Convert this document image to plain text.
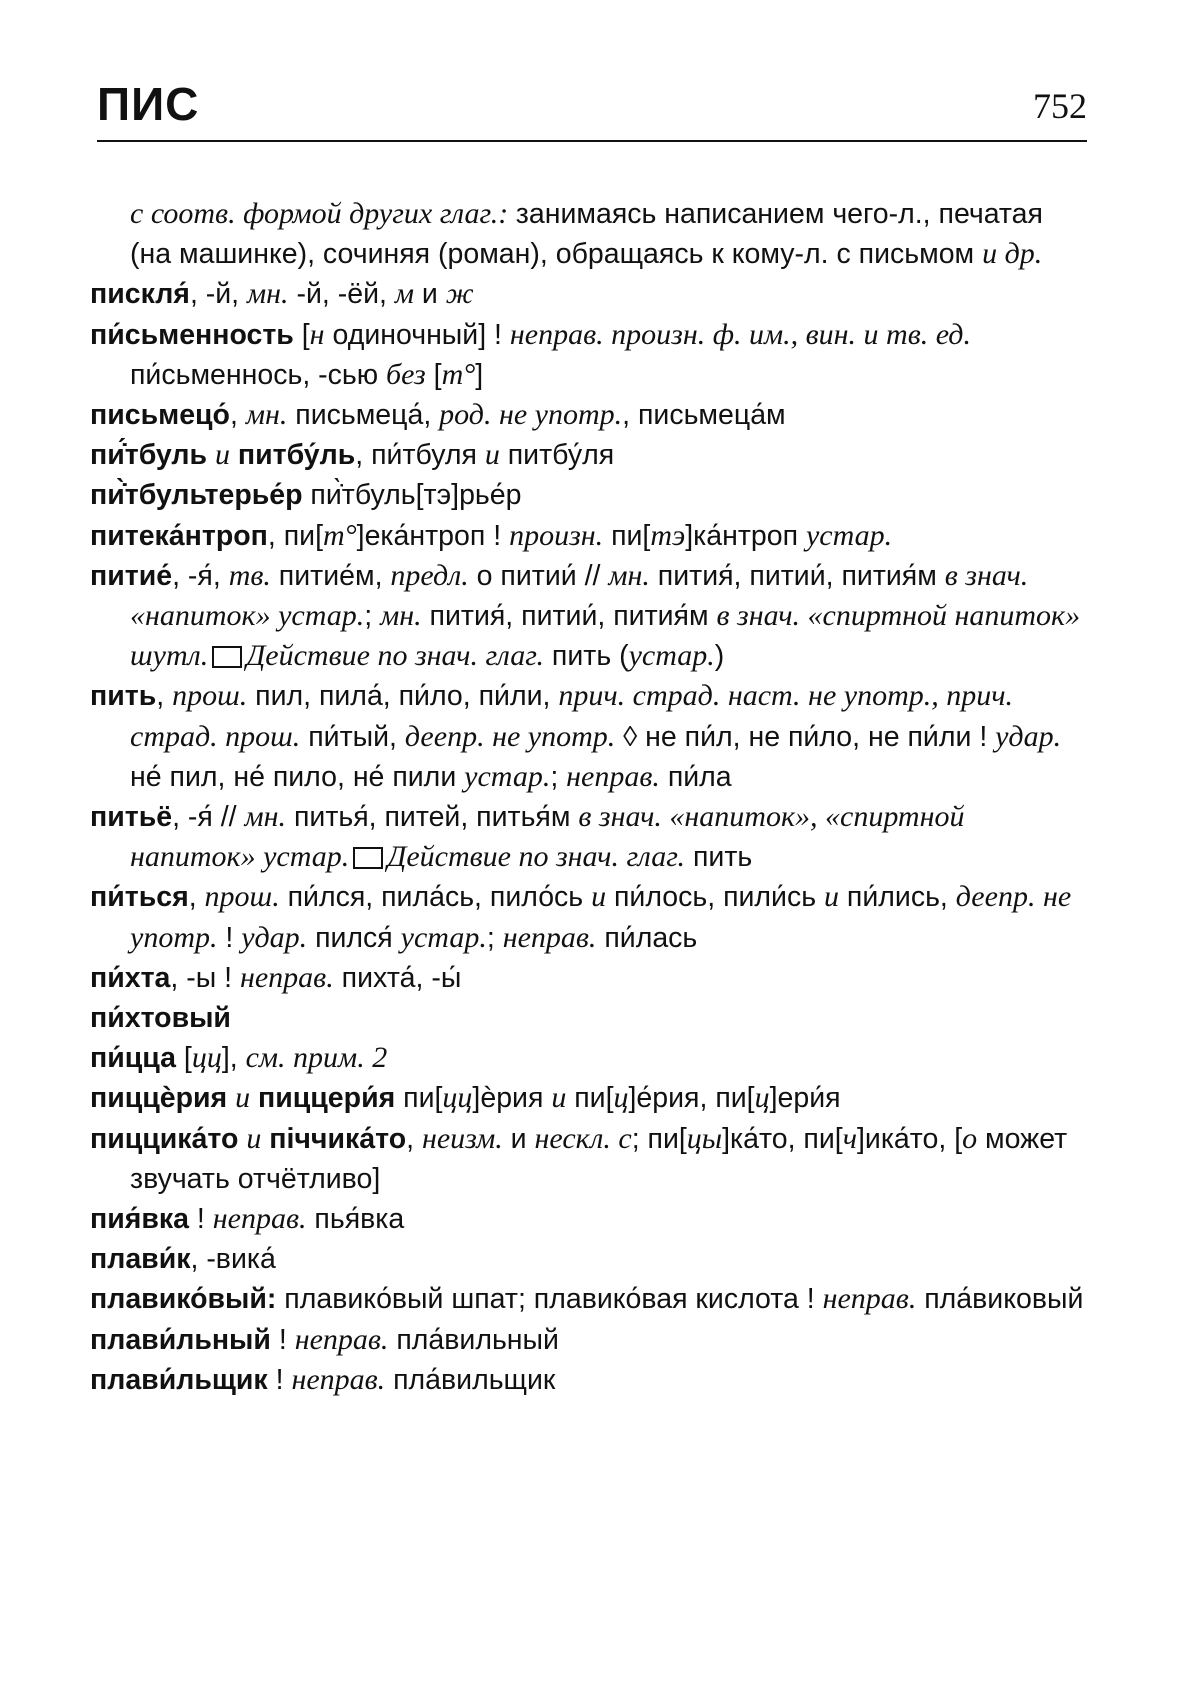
ПИС	752

с соотв. формой других глаг.: занимаясь написанием чего-л., печатая (на машинке), сочиняя (роман), обращаясь к кому-л. с письмом и др.

пискля́, -й, мн. -й, -ёй, м и ж

пи́сьменность [н одиночный] ! неправ. произн. ф. им., вин. и тв. ед. пи́сьменнось, -сью без [т°]

письмецо́, мн. письмеца́, род. не употр., письмеца́м

пи̇́тбуль и питбу́ль, пи́тбуля и питбу́ля

пи̇̀тбультерье́р пи̇̀тбуль[тэ]рье́р

питека́нтроп, пи[т°]ека́нтроп ! произн. пи[тэ]ка́нтроп устар.

питие́, -я́, тв. питие́м, предл. о питии́ // мн. пития́, питии́, пития́м в знач. «напиток» устар.; мн. пития́, питии́, пития́м в знач. «спиртной напиток» шутл. Действие по знач. глаг. пить (устар.)

пить, прош. пил, пила́, пи́ло, пи́ли, прич. страд. наст. не употр., прич. страд. прош. пи́тый, деепр. не употр. ◊ не пи́л, не пи́ло, не пи́ли ! удар. не́ пил, не́ пило, не́ пили устар.; неправ. пи́ла

питьё, -я́ // мн. питья́, питей, питья́м в знач. «напиток», «спиртной напиток» устар. Действие по знач. глаг. пить

пи́ться, прош. пи́лся, пила́сь, пило́сь и пи́лось, пили́сь и пи́лись, деепр. не употр. ! удар. пился́ устар.; неправ. пи́лась

пи́хта, -ы ! неправ. пихта́, -ы́

пи́хтовый

пи́цца [цц], см. прим. 2

пиццѐрия и пиццери́я пи[цц]ѐрия и пи[ц]е́рия, пи[ц]ери́я

пиццика́то и піччика́то, неизм. и нескл. с; пи[цы]ка́то, пи[ч]ика́то, [о может звучать отчётливо]

пия́вка ! неправ. пья́вка

плави́к, -вика́

плавико́вый: плавико́вый шпат; плавико́вая кислота ! неправ. пла́виковый

плави́льный ! неправ. пла́вильный

плави́льщик ! неправ. пла́вильщик
